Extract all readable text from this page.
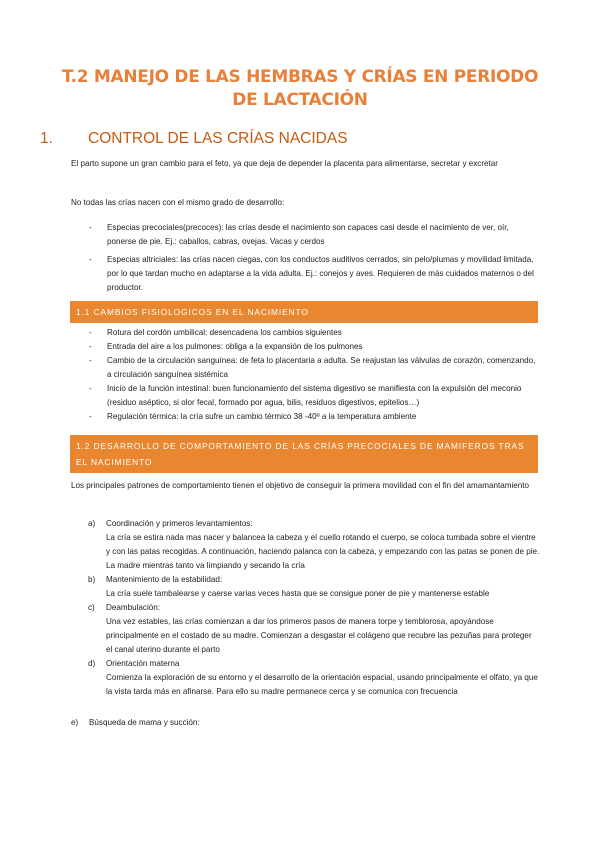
T.2 MANEJO DE LAS HEMBRAS Y CRÍAS EN PERIODO DE LACTACIÓN
1. CONTROL DE LAS CRÍAS NACIDAS

El parto supone un gran cambio para el feto, ya que deja de depender la placenta para alimentarse, secretar y excretar

No todas las crías nacen con el mismo grado de desarrollo:

- Especias precociales(precoces): las crías desde el nacimiento son capaces casi desde el nacimiento de ver, oír, ponerse de pie. Ej.: caballos, cabras, ovejas. Vacas y cerdos
- Especias altriciales: las crías nacen ciegas, con los conductos auditivos cerrados, sin pelo/plumas y movilidad limitada, por lo que tardan mucho en adaptarse a la vida adulta. Ej.: conejos y aves. Requieren de más cuidados maternos o del productor.
1.1 CAMBIOS FISIOLOGICOS EN EL NACIMIENTO
- Rotura del cordón umbilical: desencadena los cambios siguientes
- Entrada del aire a los pulmones: obliga a la expansión de los pulmones
- Cambio de la circulación sanguínea: de feta lo placentaria a adulta. Se reajustan las válvulas de corazón, comenzando, a circulación sanguínea sistémica
- Inicio de la función intestinal: buen funcionamiento del sistema digestivo se manifiesta con la expulsión del meconio (residuo aséptico, si olor fecal, formado por agua, bilis, residuos digestivos, epitelios…)
- Regulación térmica: la cría sufre un cambio térmico 38 -40º a la temperatura ambiente
1.2 DESARROLLO DE COMPORTAMIENTO DE LAS CRÍAS PRECOCIALES DE MAMIFEROS TRAS EL NACIMIENTO

Los principales patrones de comportamiento tienen el objetivo de conseguir la primera movilidad con el fin del amamantamiento

a) Coordinación y primeros levantamientos:
La cría se estira nada mas nacer y balancea la cabeza y el cuello rotando el cuerpo, se coloca tumbada sobre el vientre y con las patas recogidas. A continuación, haciendo palanca con la cabeza, y empezando con las patas se ponen de pie. La madre mientras tanto va limpiando y secando la cría
b) Mantenimiento de la estabilidad:
La cría suele tambalearse y caerse varias veces hasta que se consigue poner de pie y mantenerse estable
c) Deambulación:
Una vez estables, las crías comienzan a dar los primeros pasos de manera torpe y temblorosa, apoyándose principalmente en el costado de su madre. Comienzan a desgastar el colágeno que recubre las pezuñas para proteger el canal uterino durante el parto
d) Orientación materna
Comienza la exploración de su entorno y el desarrollo de la orientación espacial, usando principalmente el olfato, ya que la vista tarda más en afinarse. Para ello su madre permanece cerca y se comunica con frecuencia
e) Búsqueda de mama y succión:
